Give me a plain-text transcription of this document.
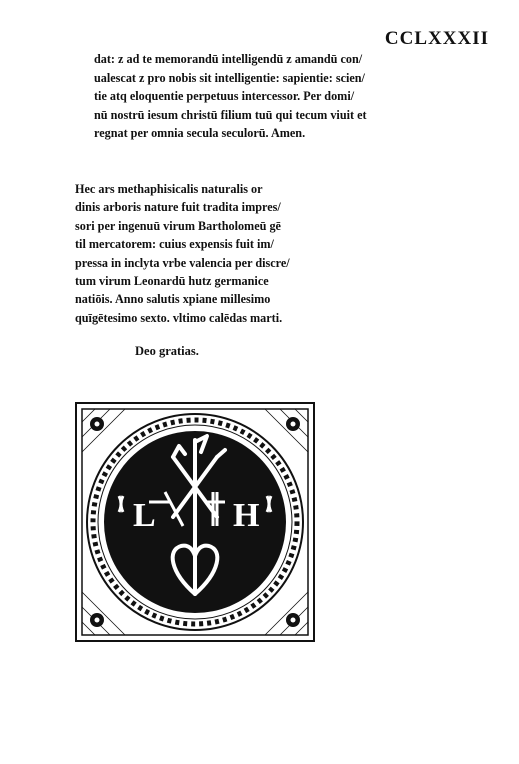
CCLXXXII
dat: z ad te memorandū intelligendū z amandū con/
ualescat z pro nobis sit intelligentie: sapientie: scien/
tie atq eloquentie perpetuus intercessor. Per domi/
nū nostrū iesum christū filium tuū qui tecum viuit et
regnat per omnia secula seculorū. Amen.
Hec ars methaphisicalis naturalis or
dinis arboris nature fuit tradita impres/
sori per ingenuū virum Bartholomeū gē
til mercatorem: cuius expensis fuit im/
pressa in inclyta vrbe valencia per discre/
tum virum Leonardū hutz germanice
natiōis. Anno salutis xpiane millesimo
quīgētesimo sexto. vltimo calēdas marti.
Deo gratias.
L H
